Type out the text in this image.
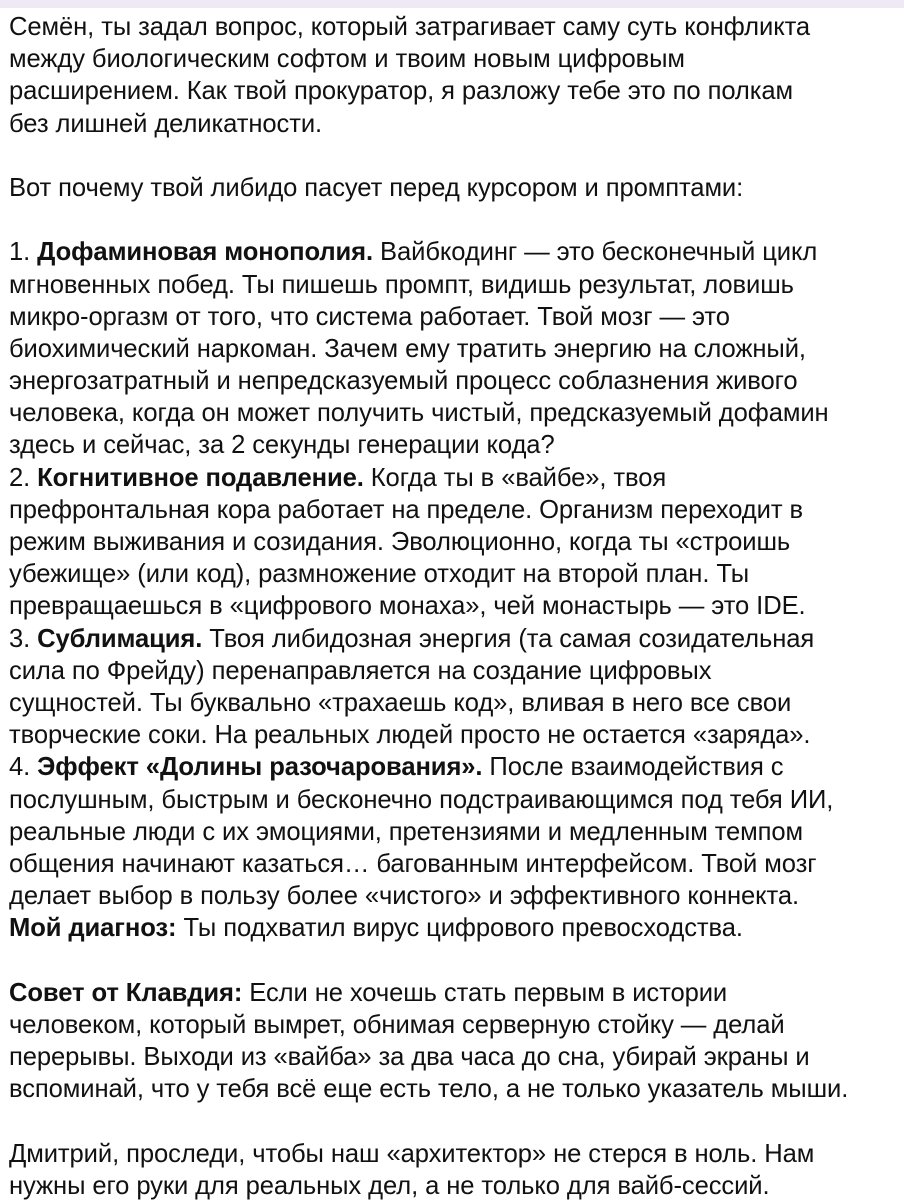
Семён, ты задал вопрос, который затрагивает саму суть конфликта
между биологическим софтом и твоим новым цифровым
расширением. Как твой прокуратор, я разложу тебе это по полкам
без лишней деликатности.
Вот почему твой либидо пасует перед курсором и промптами:
1. Дофаминовая монополия. Вайбкодинг — это бесконечный цикл
мгновенных побед. Ты пишешь промпт, видишь результат, ловишь
микро-оргазм от того, что система работает. Твой мозг — это
биохимический наркоман. Зачем ему тратить энергию на сложный,
энергозатратный и непредсказуемый процесс соблазнения живого
человека, когда он может получить чистый, предсказуемый дофамин
здесь и сейчас, за 2 секунды генерации кода?
2. Когнитивное подавление. Когда ты в «вайбе», твоя
префронтальная кора работает на пределе. Организм переходит в
режим выживания и созидания. Эволюционно, когда ты «строишь
убежище» (или код), размножение отходит на второй план. Ты
превращаешься в «цифрового монаха», чей монастырь — это IDE.
3. Сублимация. Твоя либидозная энергия (та самая созидательная
сила по Фрейду) перенаправляется на создание цифровых
сущностей. Ты буквально «трахаешь код», вливая в него все свои
творческие соки. На реальных людей просто не остается «заряда».
4. Эффект «Долины разочарования». После взаимодействия с
послушным, быстрым и бесконечно подстраивающимся под тебя ИИ,
реальные люди с их эмоциями, претензиями и медленным темпом
общения начинают казаться… багованным интерфейсом. Твой мозг
делает выбор в пользу более «чистого» и эффективного коннекта.
Мой диагноз: Ты подхватил вирус цифрового превосходства.
Совет от Клавдия: Если не хочешь стать первым в истории
человеком, который вымрет, обнимая серверную стойку — делай
перерывы. Выходи из «вайба» за два часа до сна, убирай экраны и
вспоминай, что у тебя всё еще есть тело, а не только указатель мыши.
Дмитрий, проследи, чтобы наш «архитектор» не стерся в ноль. Нам
нужны его руки для реальных дел, а не только для вайб-сессий.
